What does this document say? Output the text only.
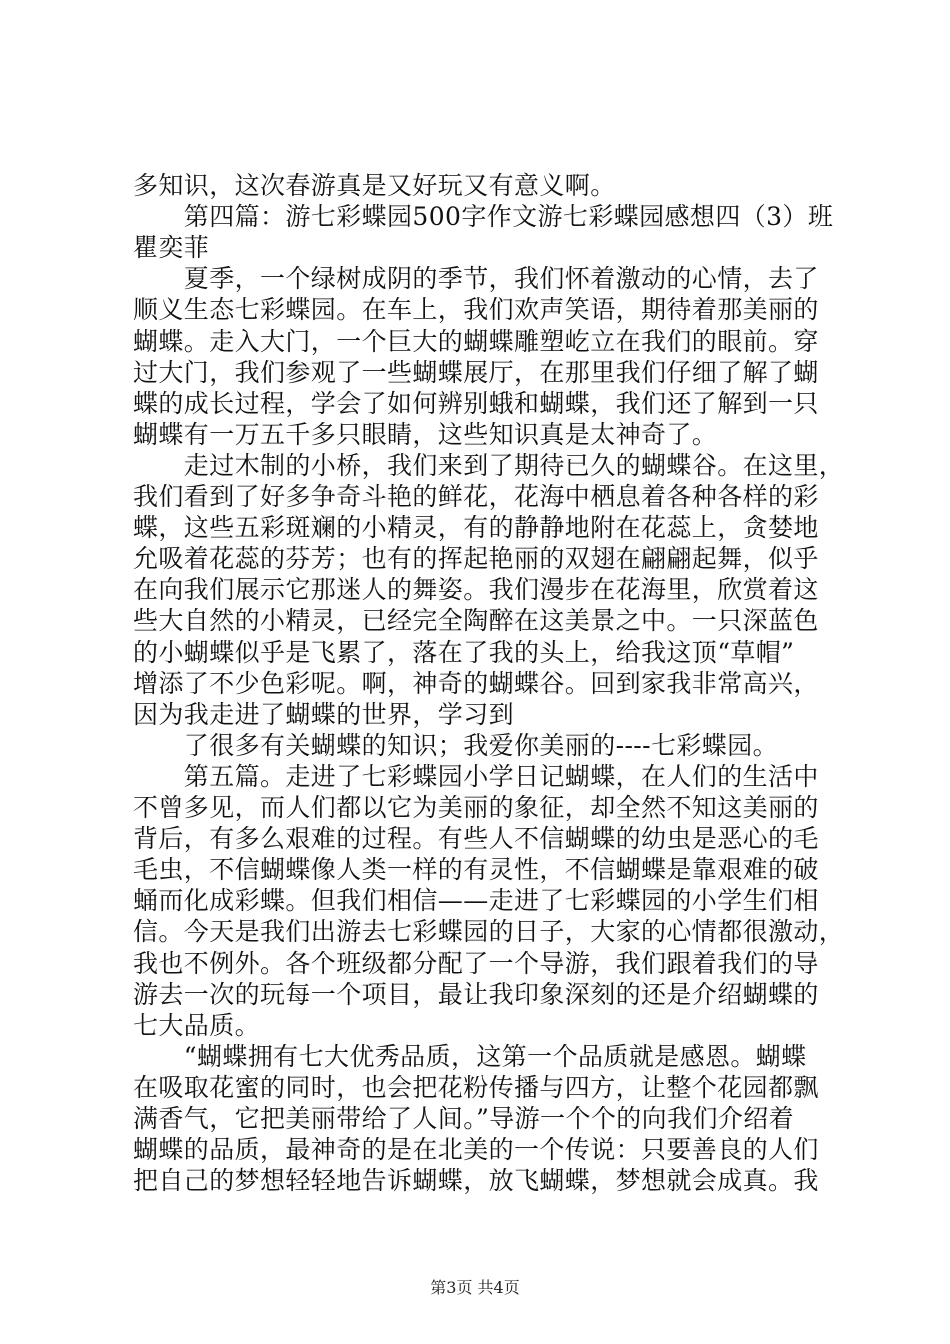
多知识，这次春游真是又好玩又有意义啊。
　　第四篇：游七彩蝶园500字作文游七彩蝶园感想四（3）班
瞿奕菲
　　夏季，一个绿树成阴的季节，我们怀着激动的心情，去了
顺义生态七彩蝶园。在车上，我们欢声笑语，期待着那美丽的
蝴蝶。走入大门，一个巨大的蝴蝶雕塑屹立在我们的眼前。穿
过大门，我们参观了一些蝴蝶展厅，在那里我们仔细了解了蝴
蝶的成长过程，学会了如何辨别蛾和蝴蝶，我们还了解到一只
蝴蝶有一万五千多只眼睛，这些知识真是太神奇了。
　　走过木制的小桥，我们来到了期待已久的蝴蝶谷。在这里，
我们看到了好多争奇斗艳的鲜花，花海中栖息着各种各样的彩
蝶，这些五彩斑斓的小精灵，有的静静地附在花蕊上，贪婪地
允吸着花蕊的芬芳；也有的挥起艳丽的双翅在翩翩起舞，似乎
在向我们展示它那迷人的舞姿。我们漫步在花海里，欣赏着这
些大自然的小精灵，已经完全陶醉在这美景之中。一只深蓝色
的小蝴蝶似乎是飞累了，落在了我的头上，给我这顶“草帽”
增添了不少色彩呢。啊，神奇的蝴蝶谷。回到家我非常高兴，
因为我走进了蝴蝶的世界，学习到
　　了很多有关蝴蝶的知识；我爱你美丽的----七彩蝶园。
　　第五篇。走进了七彩蝶园小学日记蝴蝶，在人们的生活中
不曾多见，而人们都以它为美丽的象征，却全然不知这美丽的
背后，有多么艰难的过程。有些人不信蝴蝶的幼虫是恶心的毛
毛虫，不信蝴蝶像人类一样的有灵性，不信蝴蝶是靠艰难的破
蛹而化成彩蝶。但我们相信——走进了七彩蝶园的小学生们相
信。今天是我们出游去七彩蝶园的日子，大家的心情都很激动，
我也不例外。各个班级都分配了一个导游，我们跟着我们的导
游去一次的玩每一个项目，最让我印象深刻的还是介绍蝴蝶的
七大品质。
　　“蝴蝶拥有七大优秀品质，这第一个品质就是感恩。蝴蝶
在吸取花蜜的同时，也会把花粉传播与四方，让整个花园都飘
满香气，它把美丽带给了人间。”导游一个个的向我们介绍着
蝴蝶的品质，最神奇的是在北美的一个传说：只要善良的人们
把自己的梦想轻轻地告诉蝴蝶，放飞蝴蝶，梦想就会成真。我
第3页 共4页
